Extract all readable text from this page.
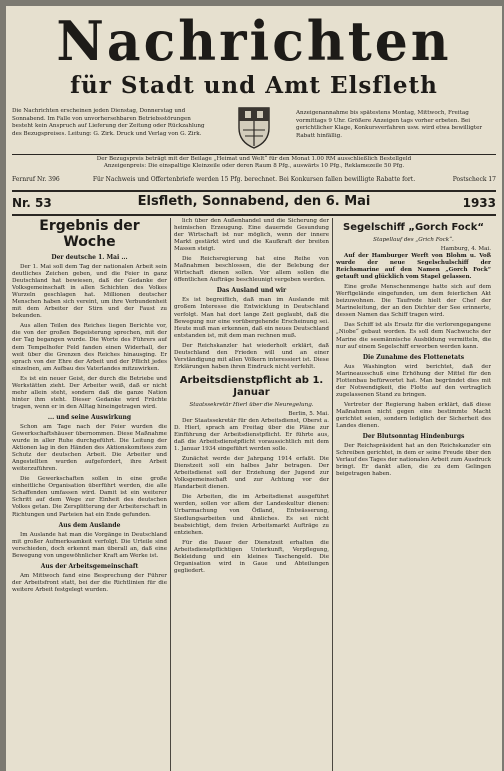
Nachrichten
für Stadt und Amt Elsfleth
Die Nachrichten erscheinen jeden Dienstag, Donnerstag und Sonnabend. Im Falle von unvorhersehbaren Betriebsstörungen besteht kein Anspruch auf Lieferung der Zeitung oder Rückzahlung des Bezugspreises. Leitung: G. Zirk. Druck und Verlag von G. Zirk.
Anzeigenannahme bis spätestens Montag, Mittwoch, Freitag vormittags 9 Uhr. Größere Anzeigen tags vorher erbeten. Bei gerichtlicher Klage, Konkursverfahren usw. wird etwa bewilligter Rabatt hinfällig.
Der Bezugspreis beträgt mit der Beilage „Heimat und Welt“ für den Monat 1.00 RM ausschließlich Bestellgeld
Anzeigenpreis: Die einspaltige Kleinzeile oder deren Raum 8 Pfg., auswärts 10 Pfg., Reklamezeile 50 Pfg.
Fernruf Nr. 396	Für Nachweis und Offertenbriefe werden 15 Pfg. berechnet. Bei Konkursen fallen bewilligte Rabatte fort.	Postscheck 17
Nr. 53	Elsfleth, Sonnabend, den 6. Mai	1933
Ergebnis der Woche
Der deutsche 1. Mai ...

Der 1. Mai soll dem Tag der nationalen Arbeit sein deutliches Zeichen geben, und die Feier in ganz Deutschland hat bewiesen, daß der Gedanke der Volksgemeinschaft in allen Schichten des Volkes Wurzeln geschlagen hat. Millionen deutscher Menschen haben sich vereint, um ihre Verbundenheit mit dem Arbeiter der Stirn und der Faust zu bekunden.

Aus allen Teilen des Reiches liegen Berichte vor, die von der großen Begeisterung sprechen, mit der der Tag begangen wurde. Die Worte des Führers auf dem Tempelhofer Feld fanden einen Widerhall, der weit über die Grenzen des Reiches hinausging. Er sprach von der Ehre der Arbeit und der Pflicht jedes einzelnen, am Aufbau des Vaterlandes mitzuwirken.

Es ist ein neuer Geist, der durch die Betriebe und Werkstätten zieht. Der Arbeiter weiß, daß er nicht mehr allein steht, sondern daß die ganze Nation hinter ihm steht. Dieser Gedanke wird Früchte tragen, wenn er in den Alltag hineingetragen wird.

... und seine Auswirkung

Schon am Tage nach der Feier wurden die Gewerkschaftshäuser übernommen. Diese Maßnahme wurde in aller Ruhe durchgeführt. Die Leitung der Aktionen lag in den Händen des Aktionskomitees zum Schutz der deutschen Arbeit. Die Arbeiter und Angestellten wurden aufgefordert, ihre Arbeit weiterzuführen.

Die Gewerkschaften sollen in eine große einheitliche Organisation überführt werden, die alle Schaffenden umfassen wird. Damit ist ein weiterer Schritt auf dem Wege zur Einheit des deutschen Volkes getan. Die Zersplitterung der Arbeiterschaft in Richtungen und Parteien hat ein Ende gefunden.

Aus dem Auslande

Im Auslande hat man die Vorgänge in Deutschland mit großer Aufmerksamkeit verfolgt. Die Urteile sind verschieden, doch erkennt man überall an, daß eine Bewegung von ungewöhnlicher Kraft am Werke ist.

Aus der Arbeitsgemeinschaft

Am Mittwoch fand eine Besprechung der Führer der Arbeitsfront statt, bei der die Richtlinien für die weitere Arbeit festgelegt wurden.

lich über den Außenhandel und die Sicherung der heimischen Erzeugung. Eine dauernde Gesundung der Wirtschaft ist nur möglich, wenn der innere Markt gestärkt wird und die Kaufkraft der breiten Massen steigt.

Die Reichsregierung hat eine Reihe von Maßnahmen beschlossen, die der Belebung der Wirtschaft dienen sollen. Vor allem sollen die öffentlichen Aufträge beschleunigt vergeben werden.

Das Ausland und wir

Es ist begreiflich, daß man im Auslande mit großem Interesse die Entwicklung in Deutschland verfolgt. Man hat dort lange Zeit geglaubt, daß die Bewegung nur eine vorübergehende Erscheinung sei. Heute muß man erkennen, daß ein neues Deutschland entstanden ist, mit dem man rechnen muß.

Der Reichskanzler hat wiederholt erklärt, daß Deutschland den Frieden will und an einer Verständigung mit allen Völkern interessiert ist. Diese Erklärungen haben ihren Eindruck nicht verfehlt.

Arbeitsdienstpflicht ab 1. Januar
Staatssekretär Hierl über die Neuregelung.
Berlin, 5. Mai.

Der Staatssekretär für den Arbeitsdienst, Oberst a. D. Hierl, sprach am Freitag über die Pläne zur Einführung der Arbeitsdienstpflicht. Er führte aus, daß die Arbeitsdienstpflicht voraussichtlich mit dem 1. Januar 1934 eingeführt werden solle.

Zunächst werde der Jahrgang 1914 erfaßt. Die Dienstzeit soll ein halbes Jahr betragen. Der Arbeitsdienst soll der Erziehung der Jugend zur Volksgemeinschaft und zur Achtung vor der Handarbeit dienen.

Die Arbeiten, die im Arbeitsdienst ausgeführt werden, sollen vor allem der Landeskultur dienen: Urbarmachung von Ödland, Entwässerung, Siedlungsarbeiten und ähnliches. Es sei nicht beabsichtigt, dem freien Arbeitsmarkt Aufträge zu entziehen.

Für die Dauer der Dienstzeit erhalten die Arbeitsdienstpflichtigen Unterkunft, Verpflegung, Bekleidung und ein kleines Taschengeld. Die Organisation wird in Gaue und Abteilungen gegliedert.

Segelschiff „Gorch Fock“
Stapellauf des „Grich Fock“.
Hamburg, 4. Mai.

Auf der Hamburger Werft von Blohm u. Voß wurde der neue Segelschulschiff der Reichsmarine auf den Namen „Gorch Fock“ getauft und glücklich vom Stapel gelassen.

Eine große Menschenmenge hatte sich auf dem Werftgelände eingefunden, um dem feierlichen Akt beizuwohnen. Die Taufrede hielt der Chef der Marineleitung, der an den Dichter der See erinnerte, dessen Namen das Schiff tragen wird.

Das Schiff ist als Ersatz für die verlorengegangene „Niobe“ gebaut worden. Es soll dem Nachwuchs der Marine die seemännische Ausbildung vermitteln, die nur auf einem Segelschiff erworben werden kann.

Die Zunahme des Flottenetats

Aus Washington wird berichtet, daß der Marineausschuß eine Erhöhung der Mittel für den Flottenbau befürwortet hat. Man begründet dies mit der Notwendigkeit, die Flotte auf den vertraglich zugelassenen Stand zu bringen.

Vertreter der Regierung haben erklärt, daß diese Maßnahmen nicht gegen eine bestimmte Macht gerichtet seien, sondern lediglich der Sicherheit des Landes dienen.

Der Blutsonntag Hindenburgs

Der Reichspräsident hat an den Reichskanzler ein Schreiben gerichtet, in dem er seine Freude über den Verlauf des Tages der nationalen Arbeit zum Ausdruck bringt. Er dankt allen, die zu dem Gelingen beigetragen haben.
